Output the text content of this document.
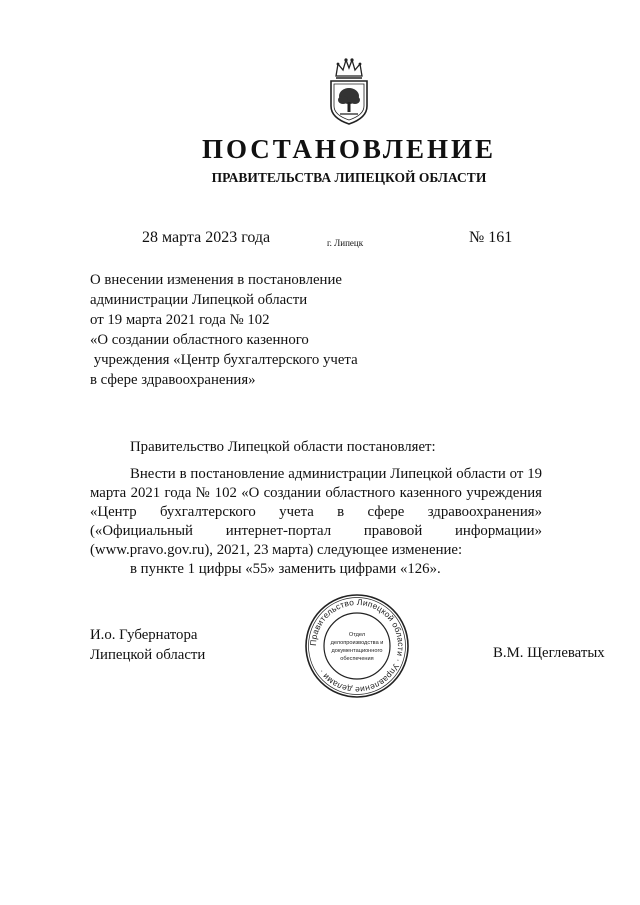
ПОСТАНОВЛЕНИЕ
ПРАВИТЕЛЬСТВА ЛИПЕЦКОЙ ОБЛАСТИ
28 марта 2023 года	г. Липецк	№ 161
О внесении изменения в постановление
администрации Липецкой области
от 19 марта 2021 года № 102
«О создании областного казенного
учреждения «Центр бухгалтерского учета
в сфере здравоохранения»

Правительство Липецкой области постановляет:

Внести в постановление администрации Липецкой области от 19 марта 2021 года № 102 «О создании областного казенного учреждения «Центр бухгалтерского учета в сфере здравоохранения» («Официальный интернет-портал правовой информации» (www.pravo.gov.ru), 2021, 23 марта) следующее изменение:

в пункте 1 цифры «55» заменить цифрами «126».

И.о. Губернатора
Липецкой области	В.М. Щеглеватых
Правительство Липецкой области · Управление делами ·
Отдел
делопроизводства и
документационного
обеспечения
